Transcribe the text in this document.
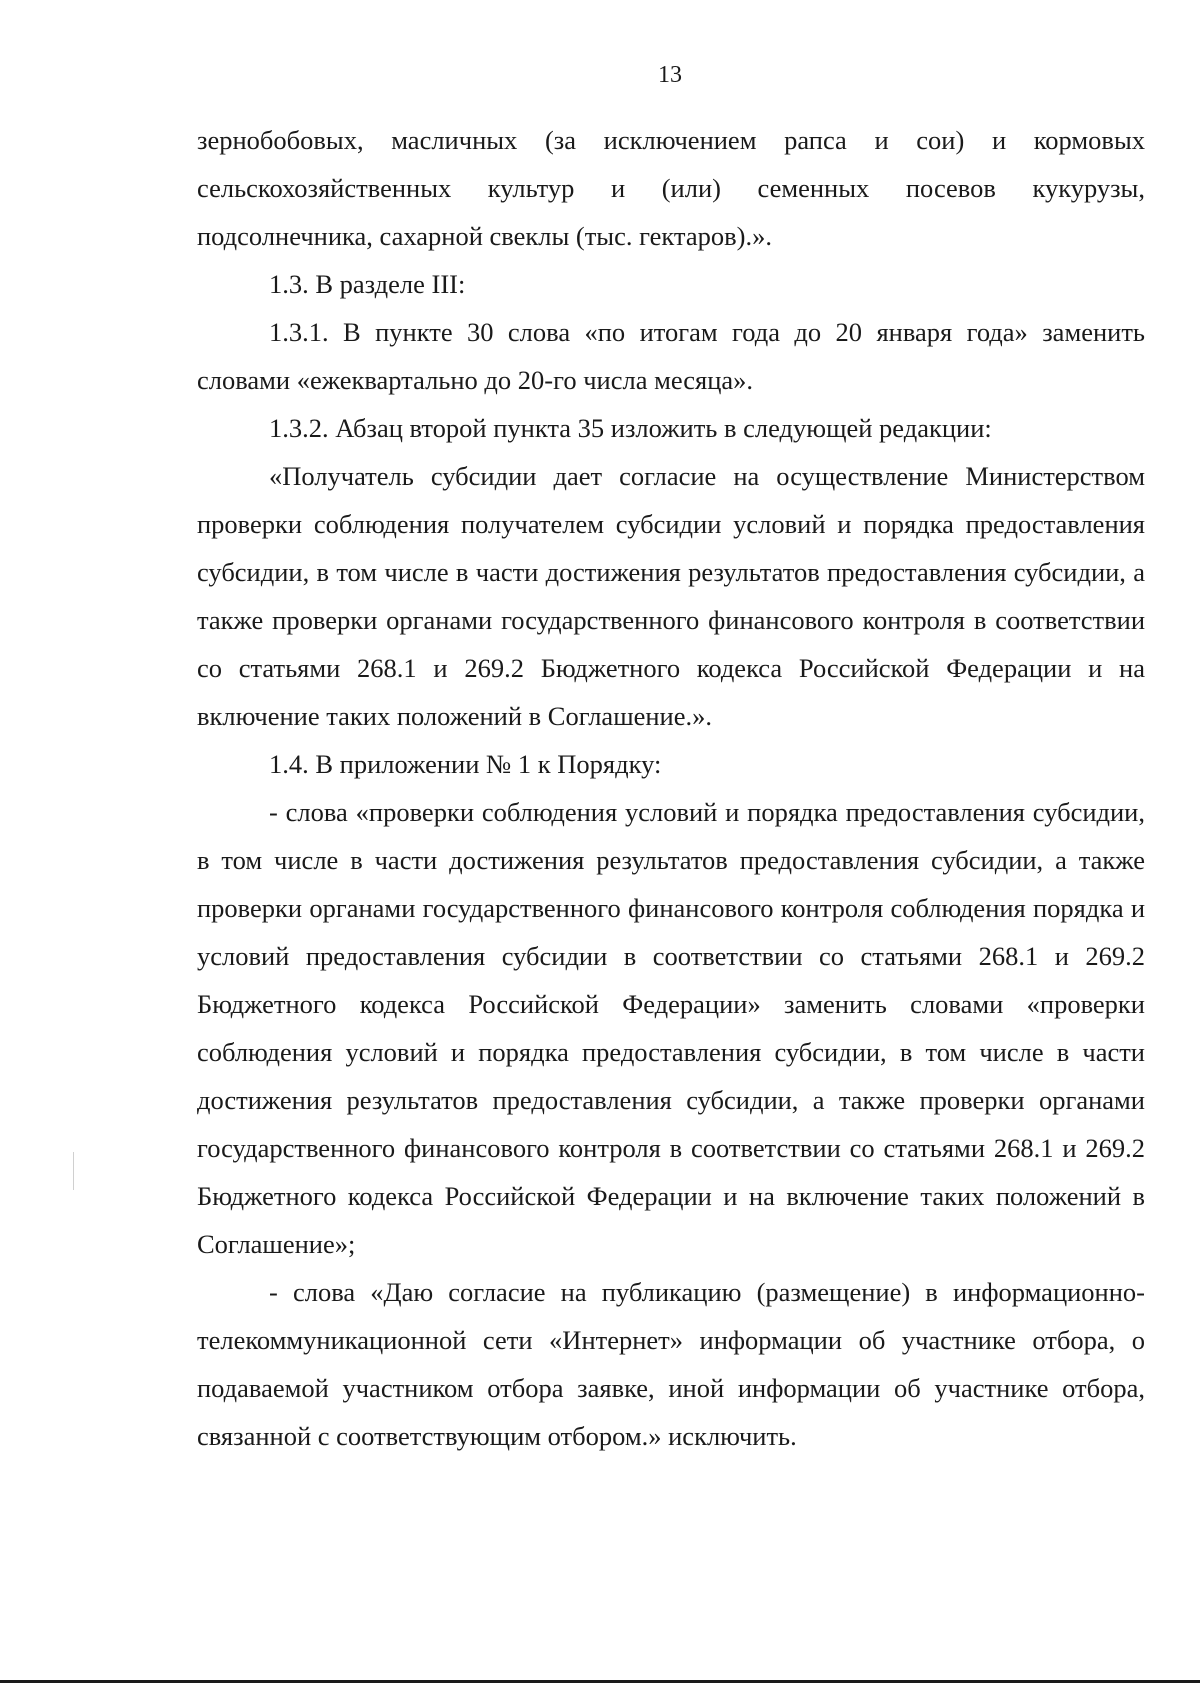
13

зернобобовых, масличных (за исключением рапса и сои) и кормовых сельскохозяйственных культур и (или) семенных посевов кукурузы, подсолнечника, сахарной свеклы (тыс. гектаров).».

1.3. В разделе III:

1.3.1. В пункте 30 слова «по итогам года до 20 января года» заменить словами «ежеквартально до 20-го числа месяца».

1.3.2. Абзац второй пункта 35 изложить в следующей редакции:

«Получатель субсидии дает согласие на осуществление Министерством проверки соблюдения получателем субсидии условий и порядка предоставления субсидии, в том числе в части достижения результатов предоставления субсидии, а также проверки органами государственного финансового контроля в соответствии со статьями 268.1 и 269.2 Бюджетного кодекса Российской Федерации и на включение таких положений в Соглашение.».

1.4. В приложении № 1 к Порядку:

- слова «проверки соблюдения условий и порядка предоставления субсидии, в том числе в части достижения результатов предоставления субсидии, а также проверки органами государственного финансового контроля соблюдения порядка и условий предоставления субсидии в соответствии со статьями 268.1 и 269.2 Бюджетного кодекса Российской Федерации» заменить словами «проверки соблюдения условий и порядка предоставления субсидии, в том числе в части достижения результатов предоставления субсидии, а также проверки органами государственного финансового контроля в соответствии со статьями 268.1 и 269.2 Бюджетного кодекса Российской Федерации и на включение таких положений в Соглашение»;

- слова «Даю согласие на публикацию (размещение) в информационно-телекоммуникационной сети «Интернет» информации об участнике отбора, о подаваемой участником отбора заявке, иной информации об участнике отбора, связанной с соответствующим отбором.» исключить.
